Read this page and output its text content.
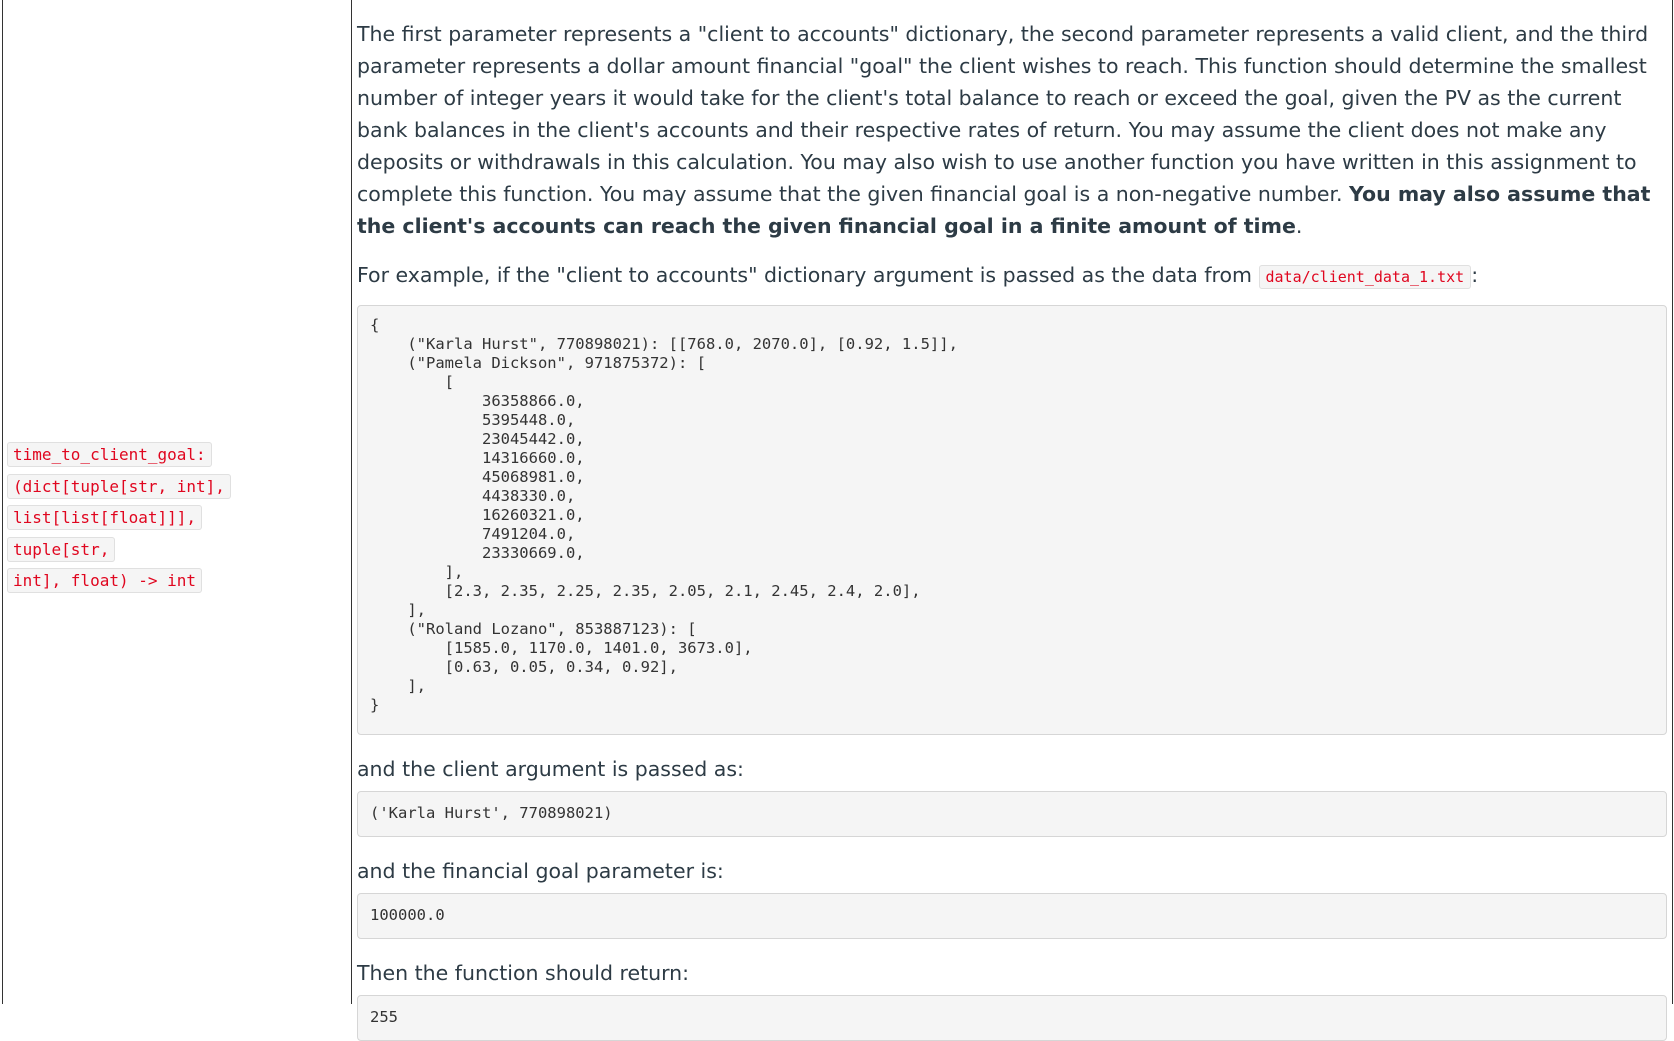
time_to_client_goal:
(dict[tuple[str, int],
list[list[float]]], tuple[str,
int], float) -> int

The first parameter represents a "client to accounts" dictionary, the second parameter represents a valid client, and the third parameter represents a dollar amount financial "goal" the client wishes to reach. This function should determine the smallest number of integer years it would take for the client's total balance to reach or exceed the goal, given the PV as the current bank balances in the client's accounts and their respective rates of return. You may assume the client does not make any deposits or withdrawals in this calculation. You may also wish to use another function you have written in this assignment to complete this function. You may assume that the given financial goal is a non-negative number. You may also assume that the client's accounts can reach the given financial goal in a finite amount of time.

For example, if the "client to accounts" dictionary argument is passed as the data from data/client_data_1.txt :

{
("Karla Hurst", 770898021): [[768.0, 2070.0], [0.92, 1.5]],
("Pamela Dickson", 971875372): [
[
36358866.0,
5395448.0,
23045442.0,
14316660.0,
45068981.0,
4438330.0,
16260321.0,
7491204.0,
23330669.0,
],
[2.3, 2.35, 2.25, 2.35, 2.05, 2.1, 2.45, 2.4, 2.0],
],
("Roland Lozano", 853887123): [
[1585.0, 1170.0, 1401.0, 3673.0],
[0.63, 0.05, 0.34, 0.92],
],
}

and the client argument is passed as:

('Karla Hurst', 770898021)

and the financial goal parameter is:

100000.0

Then the function should return:

255
